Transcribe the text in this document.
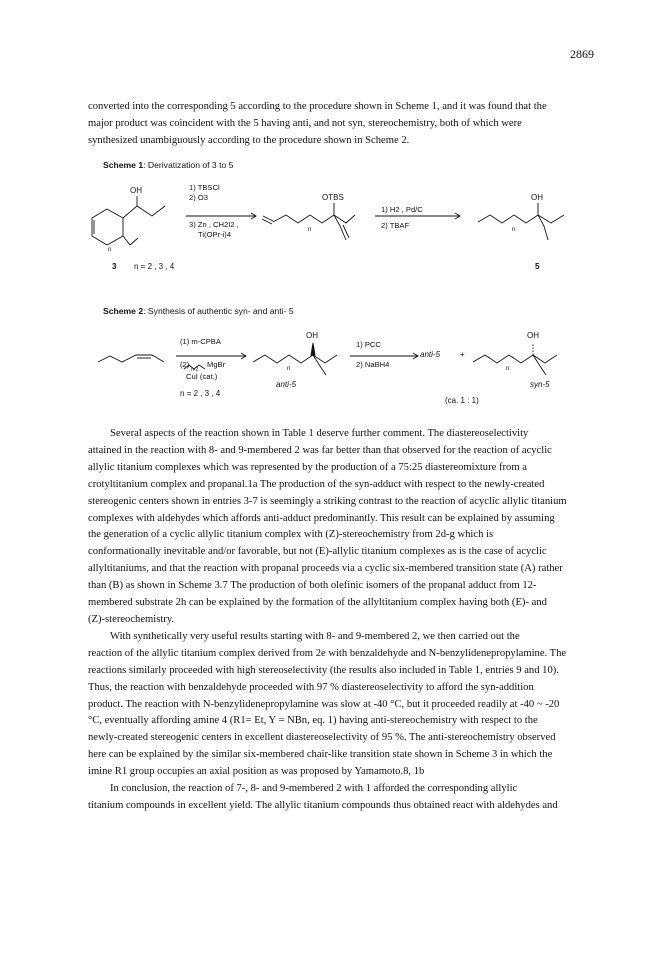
2869

converted into the corresponding 5 according to the procedure shown in Scheme 1, and it was found that the

major product was coincident with the 5 having anti, and not syn, stereochemistry, both of which were

synthesized unambiguously according to the procedure shown in Scheme 2.

Scheme 1: Derivatization of 3 to 5
OH
n
1) TBSCl
2) O3
3) Zn , CH2I2 ,
Ti(OPr-i)4
OTBS
n
1) H2 , Pd/C
2) TBAF
OH
n
3 n = 2 , 3 , 4	5
Scheme 2: Synthesis of authentic syn- and anti- 5
(1) m-CPBA
(2) MgBr
n-2
CuI (cat.)
n = 2 , 3 , 4
OH
n
anti-5
1) PCC
2) NaBH4
anti-5 +
OH
n
syn-5
(ca. 1 : 1)

Several aspects of the reaction shown in Table 1 deserve further comment. The diastereoselectivity

attained in the reaction with 8- and 9-membered 2 was far better than that observed for the reaction of acyclic

allylic titanium complexes which was represented by the production of a 75:25 diastereomixture from a

crotyltitanium complex and propanal.1a The production of the syn-adduct with respect to the newly-created

stereogenic centers shown in entries 3-7 is seemingly a striking contrast to the reaction of acyclic allylic titanium

complexes with aldehydes which affords anti-adduct predominantly. This result can be explained by assuming

the generation of a cyclic allylic titanium complex with (Z)-stereochemistry from 2d-g which is

conformationally inevitable and/or favorable, but not (E)-allylic titanium complexes as is the case of acyclic

allyltitaniums, and that the reaction with propanal proceeds via a cyclic six-membered transition state (A) rather

than (B) as shown in Scheme 3.7 The production of both olefinic isomers of the propanal adduct from 12-

membered substrate 2h can be explained by the formation of the allyltitanium complex having both (E)- and

(Z)-stereochemistry.

With synthetically very useful results starting with 8- and 9-membered 2, we then carried out the

reaction of the allylic titanium complex derived from 2e with benzaldehyde and N-benzylidenepropylamine. The

reactions similarly proceeded with high stereoselectivity (the results also included in Table 1, entries 9 and 10).

Thus, the reaction with benzaldehyde proceeded with 97 % diastereoselectivity to afford the syn-addition

product. The reaction with N-benzylidenepropylamine was slow at -40 °C, but it proceeded readily at -40 ~ -20

°C, eventually affording amine 4 (R1= Et, Y = NBn, eq. 1) having anti-stereochemistry with respect to the

newly-created stereogenic centers in excellent diastereoselectivity of 95 %. The anti-stereochemistry observed

here can be explained by the similar six-membered chair-like transition state shown in Scheme 3 in which the

imine R1 group occupies an axial position as was proposed by Yamamoto.8, 1b

In conclusion, the reaction of 7-, 8- and 9-membered 2 with 1 afforded the corresponding allylic

titanium compounds in excellent yield. The allylic titanium compounds thus obtained react with aldehydes and
